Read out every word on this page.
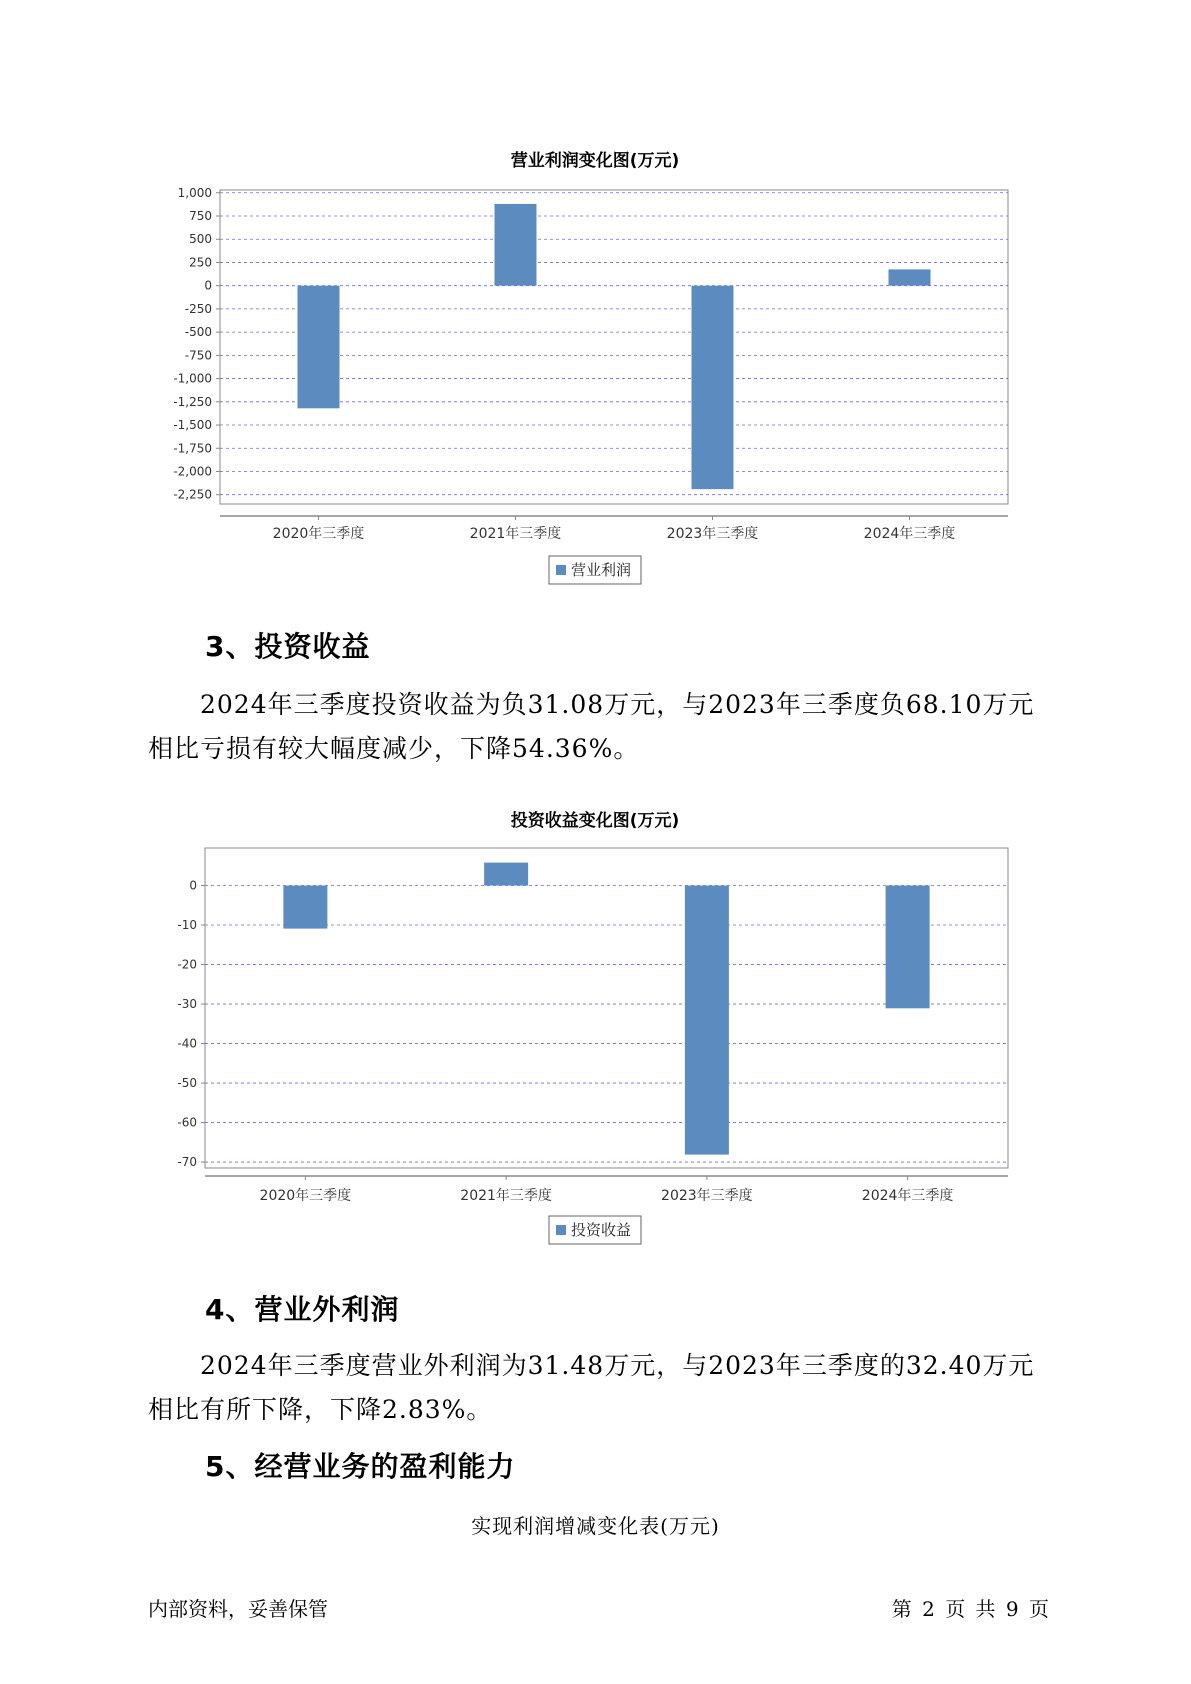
营业利润变化图(万元)
1,000
750
500
250
0
-250
-500
-750
-1,000
-1,250
-1,500
-1,750
-2,000
-2,250
2020年三季度	2021年三季度	2023年三季度	2024年三季度
营业利润
3、投资收益
2024年三季度投资收益为负31.08万元，与2023年三季度负68.10万元
相比亏损有较大幅度减少，下降54.36%。
投资收益变化图(万元)
0
-10
-20
-30
-40
-50
-60
-70
2020年三季度	2021年三季度	2023年三季度	2024年三季度
投资收益
4、营业外利润
2024年三季度营业外利润为31.48万元，与2023年三季度的32.40万元
相比有所下降，下降2.83%。
5、经营业务的盈利能力
实现利润增减变化表(万元)
内部资料，妥善保管	第 2 页 共 9 页
